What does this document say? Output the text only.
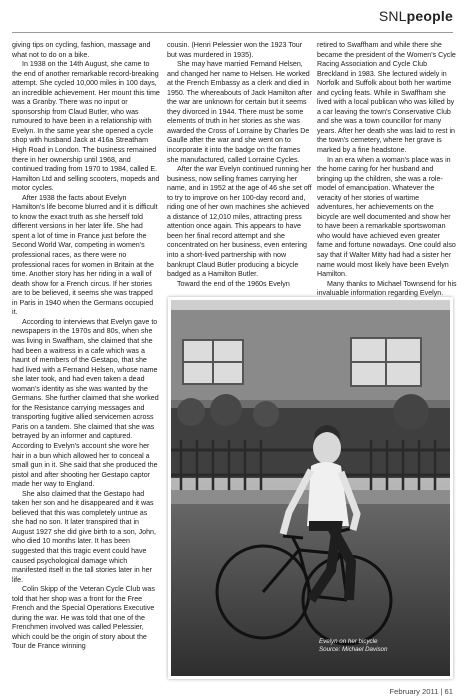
SNLpeople

giving tips on cycling, fashion, massage and what not to do on a bike.

In 1938 on the 14th August, she came to the end of another remarkable record-breaking attempt. She cycled 10,000 miles in 100 days, an incredible achievement. Her mount this time was a Granby. There was no input or sponsorship from Claud Butler, who was rumoured to have been in a relationship with Evelyn. In the same year she opened a cycle shop with husband Jack at 416a Streatham High Road in London. The business remained there in her ownership until 1968, and continued trading from 1970 to 1984, called E. Hamilton Ltd and selling scooters, mopeds and motor cycles.

After 1938 the facts about Evelyn Hamilton's life become blurred and it is difficult to know the exact truth as she herself told different versions in her later life. She had spent a lot of time in France just before the Second World War, competing in women's professional races, as there were no professional races for women in Britain at the time. Another story has her riding in a wall of death show for a French circus. If her stories are to be believed, it seems she was trapped in Paris in 1940 when the Germans occupied it.

According to interviews that Evelyn gave to newspapers in the 1970s and 80s, when she was living in Swaffham, she claimed that she had been a waitress in a cafe which was a haunt of members of the Gestapo, that she had lived with a Fernand Helsen, whose name she later took, and had even taken a dead woman's identity as she was wanted by the Germans. She further claimed that she worked for the Resistance carrying messages and transporting fugitive allied servicemen across Paris on a tandem. She claimed that she was betrayed by an informer and captured. According to Evelyn's account she wore her hair in a bun which allowed her to conceal a small gun in it. She said that she produced the pistol and after shooting her Gestapo captor made her way to England.

She also claimed that the Gestapo had taken her son and he disappeared and it was believed that this was completely untrue as she had no son. It later transpired that in August 1927 she did give birth to a son, John, who died 10 months later. It has been suggested that this tragic event could have caused psychological damage which manifested itself in the tall stories later in her life.

Colin Skipp of the Veteran Cycle Club was told that her shop was a front for the Free French and the Special Operations Executive during the war. He was told that one of the Frenchmen involved was called Pelessier, which could be the origin of story about the Tour de France winning

cousin. (Henri Pelessier won the 1923 Tour but was murdered in 1935).

She may have married Fernand Helsen, and changed her name to Helsen. He worked at the French Embassy as a clerk and died in 1950. The whereabouts of Jack Hamilton after the war are unknown for certain but it seems they divorced in 1944. There must be some elements of truth in her stories as she was awarded the Cross of Lorraine by Charles De Gaulle after the war and she went on to incorporate it into the badge on the frames she manufactured, called Lorraine Cycles.

After the war Evelyn continued running her business, now selling frames carrying her name, and in 1952 at the age of 46 she set off to try to improve on her 100-day record and, riding one of her own machines she achieved a distance of 12,010 miles, attracting press attention once again. This appears to have been her final record attempt and she concentrated on her business, even entering into a short-lived partnership with now bankrupt Claud Butler producing a bicycle badged as a Hamilton Butler.

Toward the end of the 1960s Evelyn

retired to Swaffham and while there she became the president of the Women's Cycle Racing Association and Cycle Club Breckland in 1983. She lectured widely in Norfolk and Suffolk about both her wartime and cycling feats. While in Swaffham she lived with a local publican who was killed by a car leaving the town's Conservative Club and she was a town councillor for many years. After her death she was laid to rest in the town's cemetery, where her grave is marked by a fine headstone.

In an era when a woman's place was in the home caring for her husband and bringing up the children, she was a role-model of emancipation. Whatever the veracity of her stories of wartime adventures, her achievements on the bicycle are well documented and show her to have been a remarkable sportswoman who would have achieved even greater fame and fortune nowadays. One could also say that if Walter Mitty had had a sister her name would most likely have been Evelyn Hamilton.

Many thanks to Michael Townsend for his invaluable information regarding Evelyn.

Evelyn on her bicycle
Source: Michael Davison
February 2011 | 61
